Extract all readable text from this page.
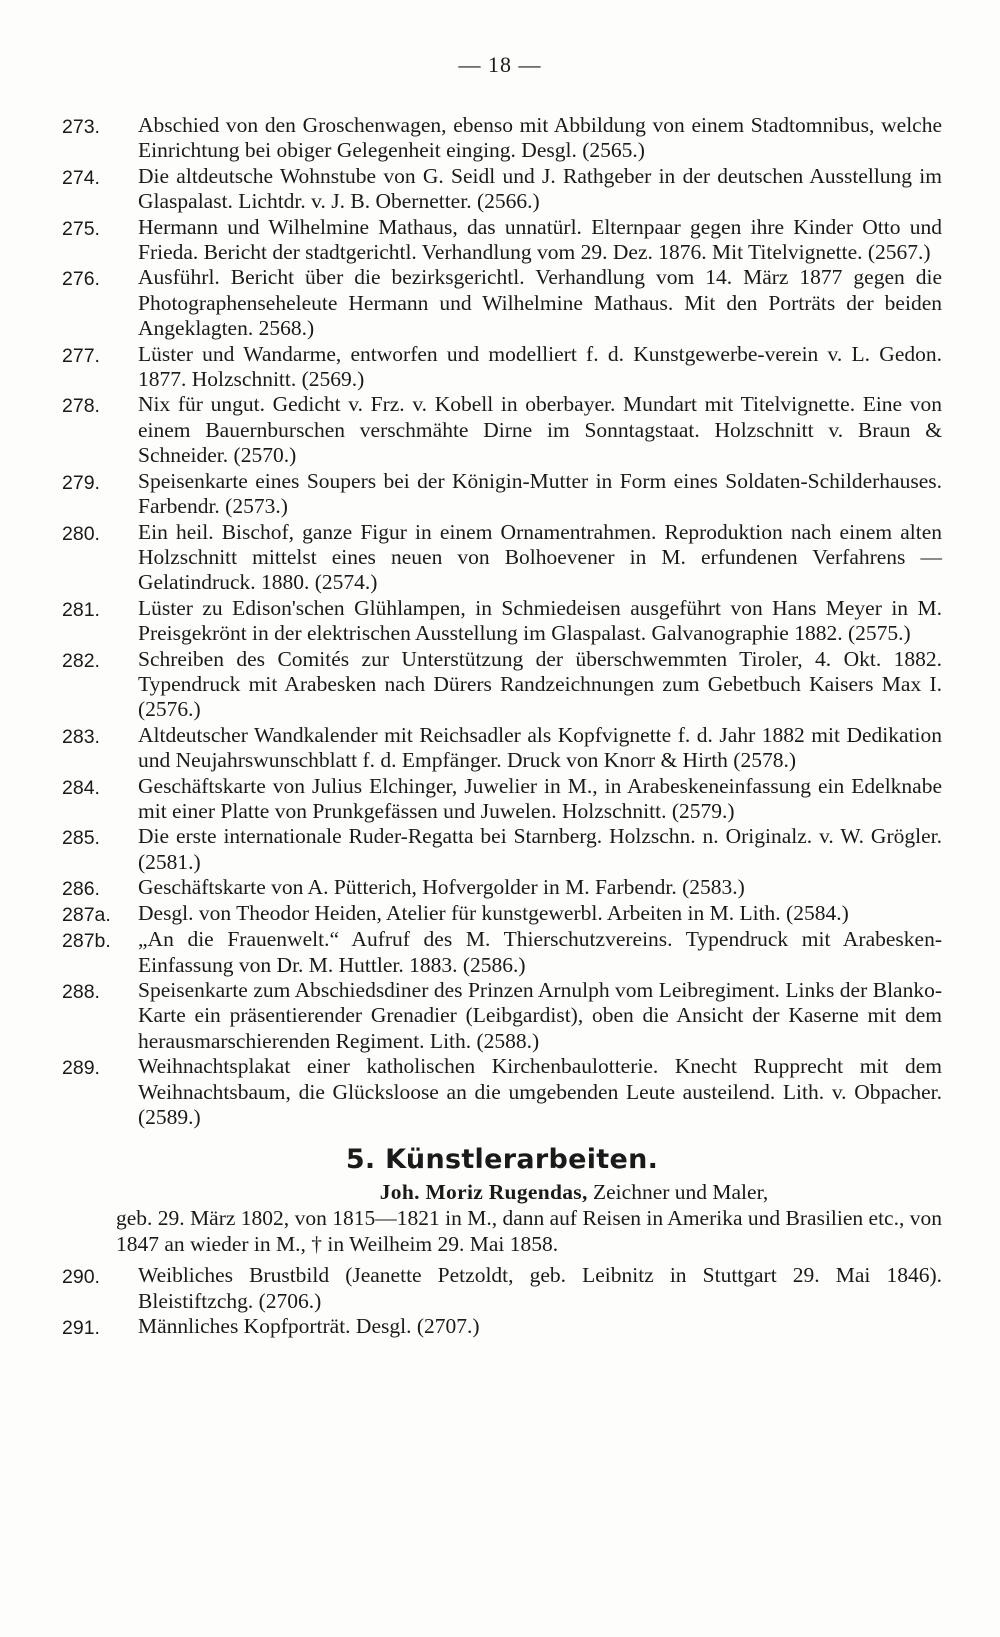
— 18 —
273.	Abschied von den Groschenwagen, ebenso mit Abbildung von einem Stadtomnibus, welche Einrichtung bei obiger Gelegenheit einging. Desgl. (2565.)
274.	Die altdeutsche Wohnstube von G. Seidl und J. Rathgeber in der deutschen Ausstellung im Glaspalast. Lichtdr. v. J. B. Obernetter. (2566.)
275.	Hermann und Wilhelmine Mathaus, das unnatürl. Elternpaar gegen ihre Kinder Otto und Frieda. Bericht der stadtgerichtl. Verhandlung vom 29. Dez. 1876. Mit Titelvignette. (2567.)
276.	Ausführl. Bericht über die bezirksgerichtl. Verhandlung vom 14. März 1877 gegen die Photographenseheleute Hermann und Wilhelmine Mathaus. Mit den Porträts der beiden Angeklagten. 2568.)
277.	Lüster und Wandarme, entworfen und modelliert f. d. Kunstgewerbe-verein v. L. Gedon. 1877. Holzschnitt. (2569.)
278.	Nix für ungut. Gedicht v. Frz. v. Kobell in oberbayer. Mundart mit Titelvignette. Eine von einem Bauernburschen verschmähte Dirne im Sonntagstaat. Holzschnitt v. Braun & Schneider. (2570.)
279.	Speisenkarte eines Soupers bei der Königin-Mutter in Form eines Soldaten-Schilderhauses. Farbendr. (2573.)
280.	Ein heil. Bischof, ganze Figur in einem Ornamentrahmen. Reproduktion nach einem alten Holzschnitt mittelst eines neuen von Bolhoevener in M. erfundenen Verfahrens — Gelatindruck. 1880. (2574.)
281.	Lüster zu Edison'schen Glühlampen, in Schmiedeisen ausgeführt von Hans Meyer in M. Preisgekrönt in der elektrischen Ausstellung im Glaspalast. Galvanographie 1882. (2575.)
282.	Schreiben des Comités zur Unterstützung der überschwemmten Tiroler, 4. Okt. 1882. Typendruck mit Arabesken nach Dürers Randzeichnungen zum Gebetbuch Kaisers Max I. (2576.)
283.	Altdeutscher Wandkalender mit Reichsadler als Kopfvignette f. d. Jahr 1882 mit Dedikation und Neujahrswunschblatt f. d. Empfänger. Druck von Knorr & Hirth (2578.)
284.	Geschäftskarte von Julius Elchinger, Juwelier in M., in Arabeskeneinfassung ein Edelknabe mit einer Platte von Prunkgefässen und Juwelen. Holzschnitt. (2579.)
285.	Die erste internationale Ruder-Regatta bei Starnberg. Holzschn. n. Originalz. v. W. Grögler. (2581.)
286.	Geschäftskarte von A. Pütterich, Hofvergolder in M. Farbendr. (2583.)
287a.	Desgl. von Theodor Heiden, Atelier für kunstgewerbl. Arbeiten in M. Lith. (2584.)
287b.	„An die Frauenwelt.“ Aufruf des M. Thierschutzvereins. Typendruck mit Arabesken-Einfassung von Dr. M. Huttler. 1883. (2586.)
288.	Speisenkarte zum Abschiedsdiner des Prinzen Arnulph vom Leibregiment. Links der Blanko-Karte ein präsentierender Grenadier (Leibgardist), oben die Ansicht der Kaserne mit dem herausmarschierenden Regiment. Lith. (2588.)
289.	Weihnachtsplakat einer katholischen Kirchenbaulotterie. Knecht Rupprecht mit dem Weihnachtsbaum, die Glücksloose an die umgebenden Leute austeilend. Lith. v. Obpacher. (2589.)
5. Künstlerarbeiten.
Joh. Moriz Rugendas, Zeichner und Maler,
geb. 29. März 1802, von 1815—1821 in M., dann auf Reisen in Amerika und Brasilien etc., von 1847 an wieder in M., † in Weilheim 29. Mai 1858.
290.	Weibliches Brustbild (Jeanette Petzoldt, geb. Leibnitz in Stuttgart 29. Mai 1846). Bleistiftzchg. (2706.)
291.	Männliches Kopfporträt. Desgl. (2707.)
